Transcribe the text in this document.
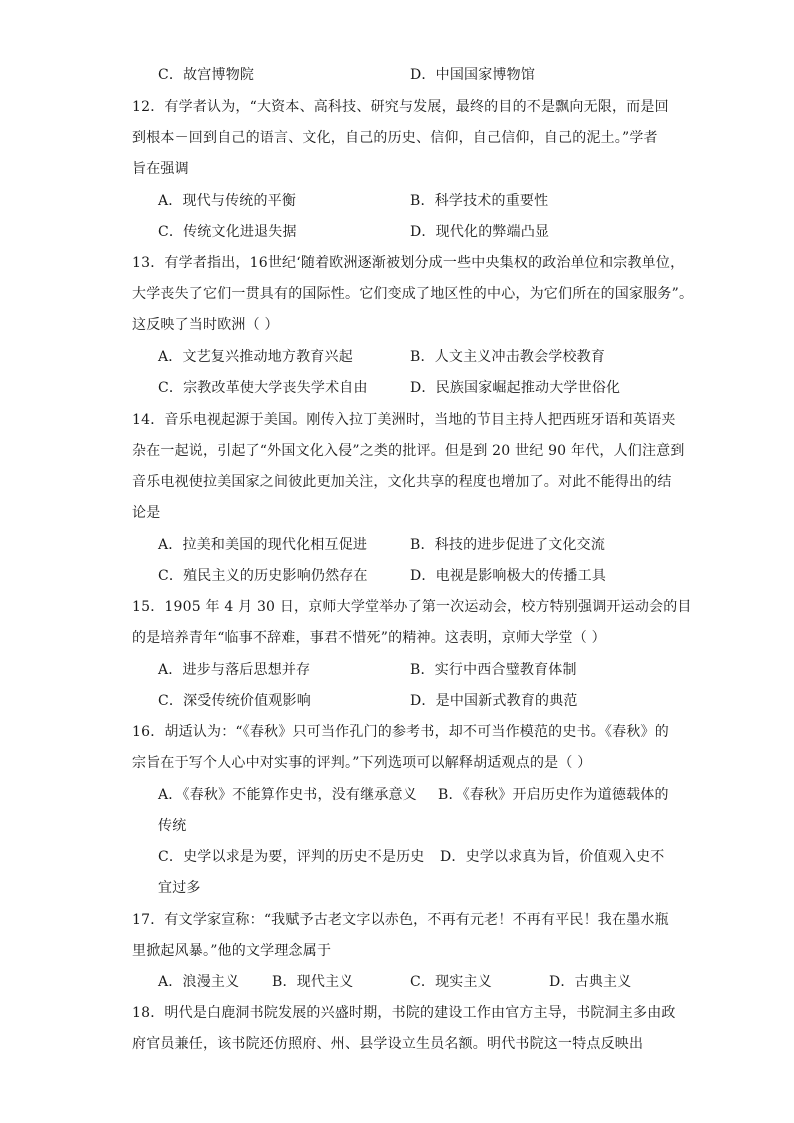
C．故宫博物院	D．中国国家博物馆
12．有学者认为，“大资本、高科技、研究与发展，最终的目的不是飘向无限，而是回
到根本－回到自己的语言、文化，自己的历史、信仰，自己信仰，自己的泥土。”学者
旨在强调
A．现代与传统的平衡	B．科学技术的重要性
C．传统文化进退失据	D．现代化的弊端凸显
13．有学者指出，16世纪‘随着欧洲逐渐被划分成一些中央集权的政治单位和宗教单位，
大学丧失了它们一贯具有的国际性。它们变成了地区性的中心，为它们所在的国家服务”。
这反映了当时欧洲（ ）
A．文艺复兴推动地方教育兴起	B．人文主义冲击教会学校教育
C．宗教改革使大学丧失学术自由	D．民族国家崛起推动大学世俗化
14．音乐电视起源于美国。刚传入拉丁美洲时，当地的节目主持人把西班牙语和英语夹
杂在一起说，引起了“外国文化入侵”之类的批评。但是到 20 世纪 90 年代，人们注意到
音乐电视使拉美国家之间彼此更加关注，文化共享的程度也增加了。对此不能得出的结
论是
A．拉美和美国的现代化相互促进	B．科技的进步促进了文化交流
C．殖民主义的历史影响仍然存在	D．电视是影响极大的传播工具
15．1905 年 4 月 30 日，京师大学堂举办了第一次运动会，校方特别强调开运动会的目
的是培养青年“临事不辞难，事君不惜死”的精神。这表明，京师大学堂（ ）
A．进步与落后思想并存	B．实行中西合璧教育体制
C．深受传统价值观影响	D．是中国新式教育的典范
16．胡适认为：“《春秋》只可当作孔门的参考书，却不可当作模范的史书。《春秋》的
宗旨在于写个人心中对实事的评判。”下列选项可以解释胡适观点的是（ ）
A．《春秋》不能算作史书，没有继承意义 B．《春秋》开启历史作为道德载体的
传统
C．史学以求是为要，评判的历史不是历史 D．史学以求真为旨，价值观入史不
宜过多
17．有文学家宣称：“我赋予古老文字以赤色，不再有元老！不再有平民！我在墨水瓶
里掀起风暴。”他的文学理念属于
A．浪漫主义 B．现代主义	C．现实主义	D．古典主义
18．明代是白鹿洞书院发展的兴盛时期，书院的建设工作由官方主导，书院洞主多由政
府官员兼任，该书院还仿照府、州、县学设立生员名额。明代书院这一特点反映出
